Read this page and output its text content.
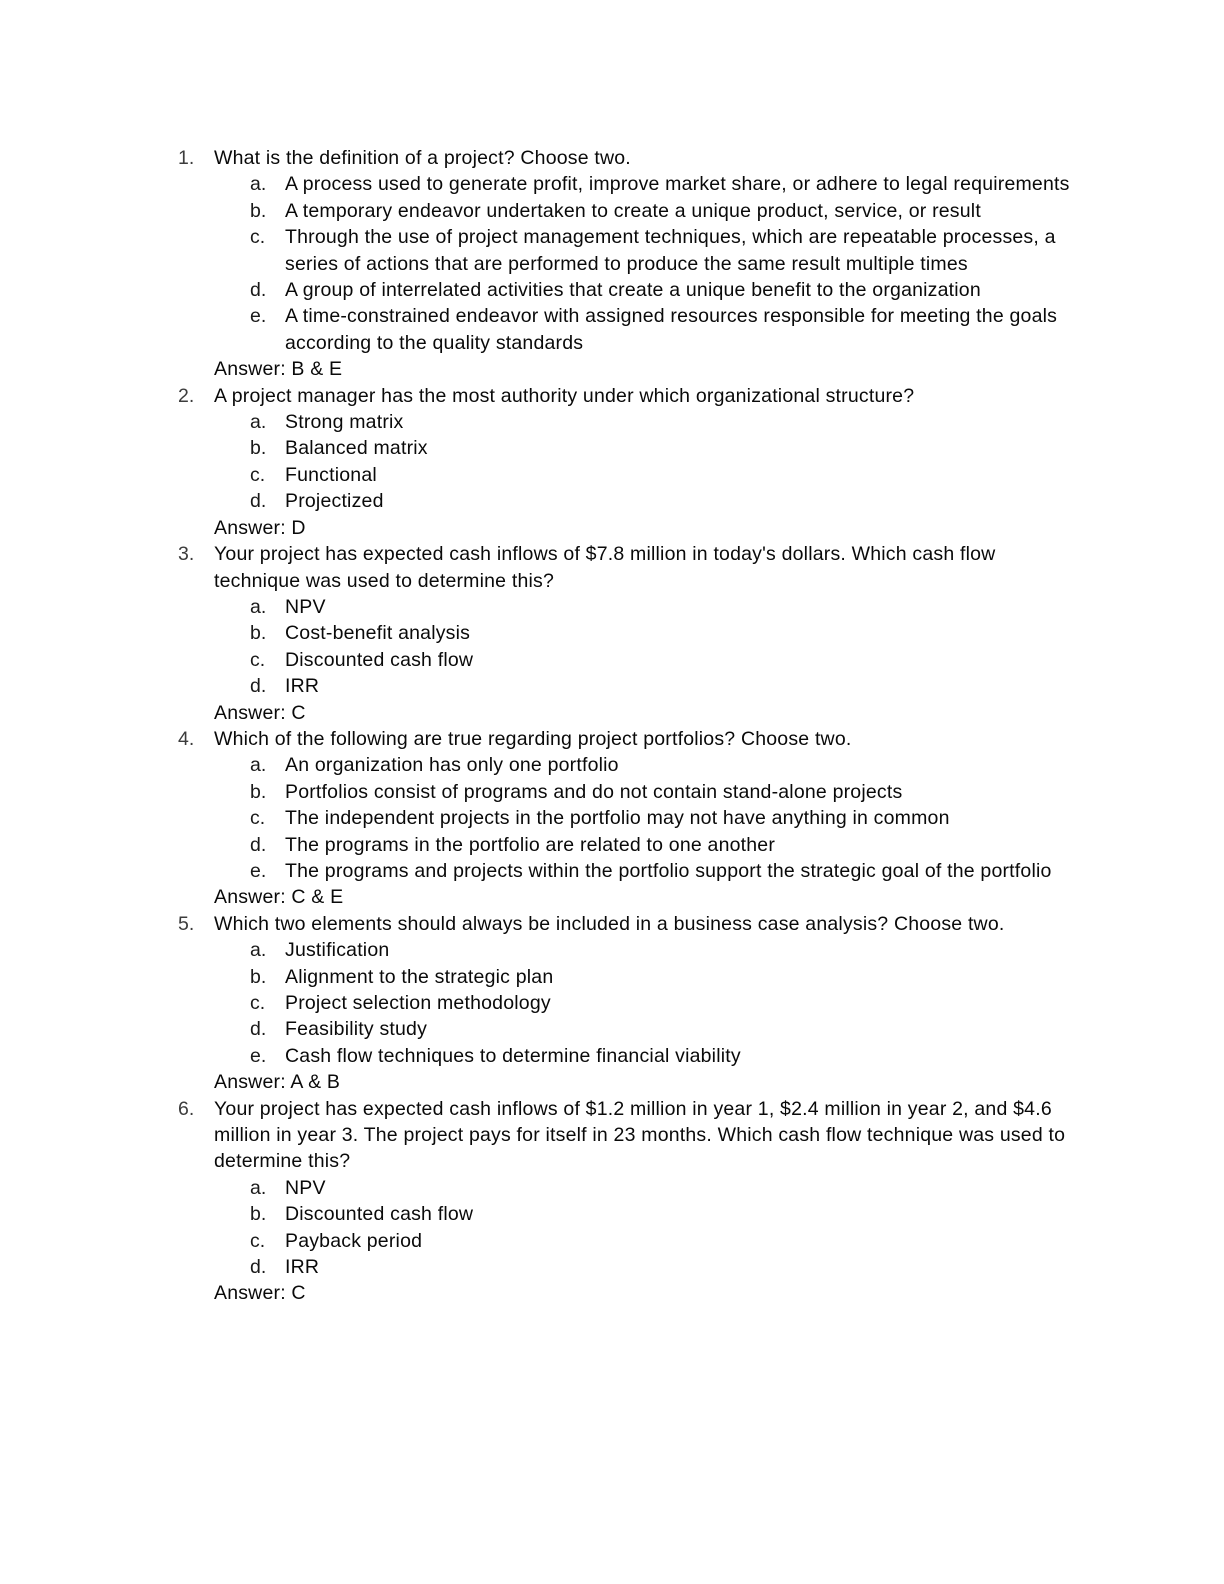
1.	What is the definition of a project? Choose two.
a. A process used to generate profit, improve market share, or adhere to legal requirements
b. A temporary endeavor undertaken to create a unique product, service, or result
c.	Through the use of project management techniques, which are repeatable processes, a series of actions that are performed to produce the same result multiple times
d. A group of interrelated activities that create a unique benefit to the organization
e. A time-constrained endeavor with assigned resources responsible for meeting the goals according to the quality standards
Answer: B & E
2.	A project manager has the most authority under which organizational structure?
a. Strong matrix
b. Balanced matrix
c.	Functional
d. Projectized
Answer: D
3.	Your project has expected cash inflows of $7.8 million in today's dollars. Which cash flow technique was used to determine this?
a. NPV
b. Cost-benefit analysis
c.	Discounted cash flow
d. IRR
Answer: C
4.	Which of the following are true regarding project portfolios? Choose two.
a. An organization has only one portfolio
b. Portfolios consist of programs and do not contain stand-alone projects
c.	The independent projects in the portfolio may not have anything in common
d. The programs in the portfolio are related to one another
e. The programs and projects within the portfolio support the strategic goal of the portfolio
Answer: C & E
5.	Which two elements should always be included in a business case analysis? Choose two.
a. Justification
b. Alignment to the strategic plan
c.	Project selection methodology
d. Feasibility study
e. Cash flow techniques to determine financial viability
Answer: A & B
6.	Your project has expected cash inflows of $1.2 million in year 1, $2.4 million in year 2, and $4.6 million in year 3. The project pays for itself in 23 months. Which cash flow technique was used to determine this?
a. NPV
b. Discounted cash flow
c.	Payback period
d. IRR
Answer: C
